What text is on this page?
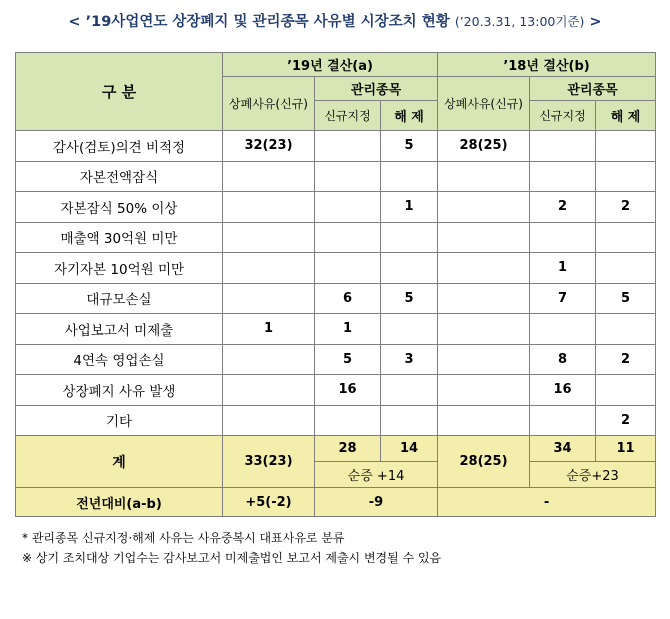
< ’19사업연도 상장폐지 및 관리종목 사유별 시장조치 현황 (’20.3.31, 13:00기준) >
구 분	’19년 결산(a)			’18년 결산(b)		
	상폐사유(신규)	관리종목		상폐사유(신규)	관리종목	
		신규지정	해 제		신규지정	해 제
감사(검토)의견 비적정	32(23)		5	28(25)		
자본전액잠식						
자본잠식 50% 이상			1		2	2
매출액 30억원 미만						
자기자본 10억원 미만					1	
대규모손실		6	5		7	5
사업보고서 미제출	1	1				
4연속 영업손실		5	3		8	2
상장폐지 사유 발생		16			16	
기타						2
계	33(23)	28	14	28(25)	34	11
		순증 +14			순증+23	
전년대비(a-b)	+5(-2)	-9		-		
* 관리종목 신규지정·해제 사유는 사유중복시 대표사유로 분류
※ 상기 조치대상 기업수는 감사보고서 미제출법인 보고서 제출시 변경될 수 있음
